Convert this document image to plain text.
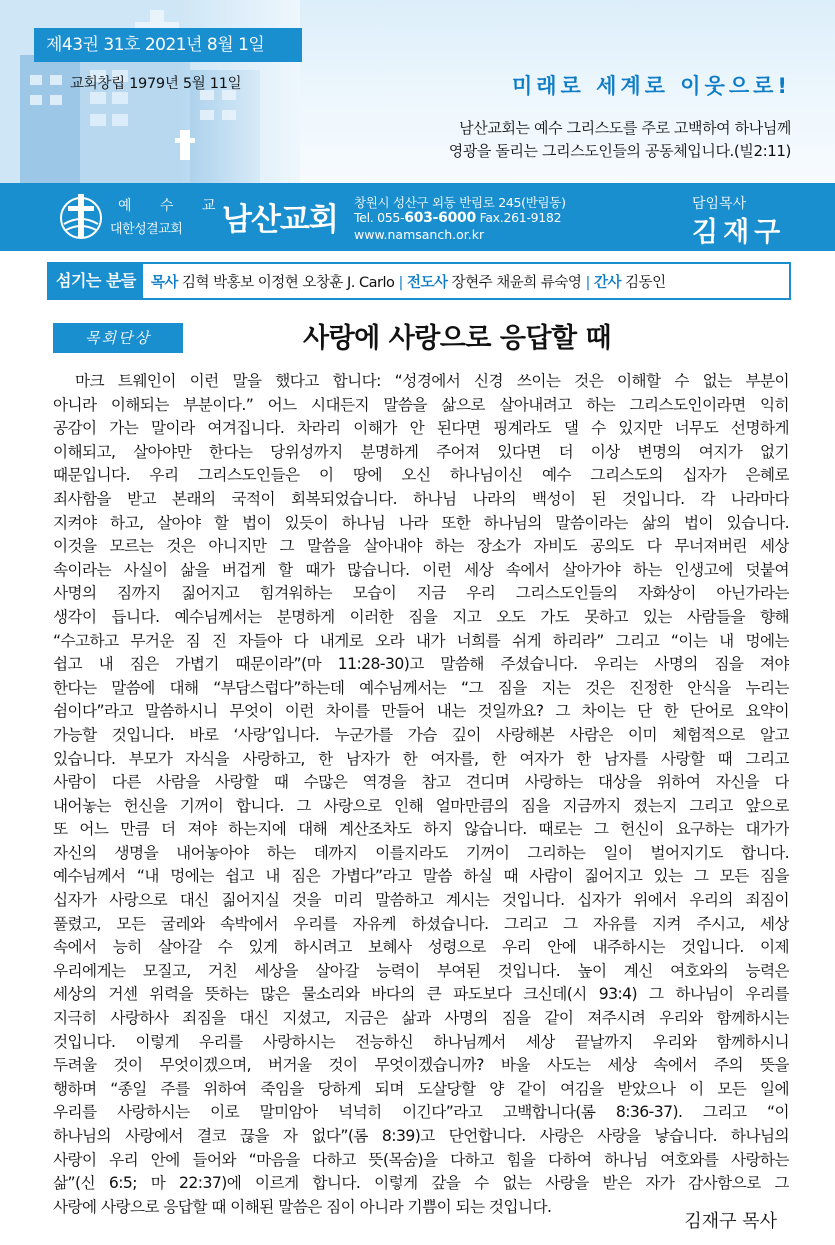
제43권 31호 2021년 8월 1일
교회창립 1979년 5월 11일	미래로 세계로 이웃으로!
남산교회는 예수 그리스도를 주로 고백하여 하나님께
영광을 돌리는 그리스도인들의 공동체입니다.(빌2:11)
예 수 교
대한성결교회 남산교회 창원시 성산구 외동 반림로 245(반림동)
Tel. 055-603-6000 Fax.261-9182
www.namsanch.or.kr
담임목사
김재구
섬기는 분들	목사 김혁 박홍보 이정현 오창훈 J. Carlo | 전도사 장현주 채윤희 류숙영 | 간사 김동인
목회단상	사랑에 사랑으로 응답할 때
마크 트웨인이 이런 말을 했다고 합니다: “성경에서 신경 쓰이는 것은 이해할 수 없는 부분이
아니라 이해되는 부분이다.” 어느 시대든지 말씀을 삶으로 살아내려고 하는 그리스도인이라면 익히
공감이 가는 말이라 여겨집니다. 차라리 이해가 안 된다면 핑계라도 댈 수 있지만 너무도 선명하게
이해되고, 살아야만 한다는 당위성까지 분명하게 주어져 있다면 더 이상 변명의 여지가 없기
때문입니다. 우리 그리스도인들은 이 땅에 오신 하나님이신 예수 그리스도의 십자가 은혜로
죄사함을 받고 본래의 국적이 회복되었습니다. 하나님 나라의 백성이 된 것입니다. 각 나라마다
지켜야 하고, 살아야 할 법이 있듯이 하나님 나라 또한 하나님의 말씀이라는 삶의 법이 있습니다.
이것을 모르는 것은 아니지만 그 말씀을 살아내야 하는 장소가 자비도 공의도 다 무너져버린 세상
속이라는 사실이 삶을 버겁게 할 때가 많습니다. 이런 세상 속에서 살아가야 하는 인생고에 덧붙여
사명의 짐까지 짊어지고 힘겨워하는 모습이 지금 우리 그리스도인들의 자화상이 아닌가라는
생각이 듭니다. 예수님께서는 분명하게 이러한 짐을 지고 오도 가도 못하고 있는 사람들을 향해
“수고하고 무거운 짐 진 자들아 다 내게로 오라 내가 너희를 쉬게 하리라” 그리고 “이는 내 멍에는
쉽고 내 짐은 가볍기 때문이라”(마 11:28-30)고 말씀해 주셨습니다. 우리는 사명의 짐을 져야
한다는 말씀에 대해 “부담스럽다”하는데 예수님께서는 “그 짐을 지는 것은 진정한 안식을 누리는
쉼이다”라고 말씀하시니 무엇이 이런 차이를 만들어 내는 것일까요? 그 차이는 단 한 단어로 요약이
가능할 것입니다. 바로 ‘사랑’입니다. 누군가를 가슴 깊이 사랑해본 사람은 이미 체험적으로 알고
있습니다. 부모가 자식을 사랑하고, 한 남자가 한 여자를, 한 여자가 한 남자를 사랑할 때 그리고
사람이 다른 사람을 사랑할 때 수많은 역경을 참고 견디며 사랑하는 대상을 위하여 자신을 다
내어놓는 헌신을 기꺼이 합니다. 그 사랑으로 인해 얼마만큼의 짐을 지금까지 졌는지 그리고 앞으로
또 어느 만큼 더 져야 하는지에 대해 계산조차도 하지 않습니다. 때로는 그 헌신이 요구하는 대가가
자신의 생명을 내어놓아야 하는 데까지 이를지라도 기꺼이 그리하는 일이 벌어지기도 합니다.
예수님께서 “내 멍에는 쉽고 내 짐은 가볍다”라고 말씀 하실 때 사람이 짊어지고 있는 그 모든 짐을
십자가 사랑으로 대신 짊어지실 것을 미리 말씀하고 계시는 것입니다. 십자가 위에서 우리의 죄짐이
풀렸고, 모든 굴레와 속박에서 우리를 자유케 하셨습니다. 그리고 그 자유를 지켜 주시고, 세상
속에서 능히 살아갈 수 있게 하시려고 보혜사 성령으로 우리 안에 내주하시는 것입니다. 이제
우리에게는 모질고, 거친 세상을 살아갈 능력이 부여된 것입니다. 높이 계신 여호와의 능력은
세상의 거센 위력을 뜻하는 많은 물소리와 바다의 큰 파도보다 크신데(시 93:4) 그 하나님이 우리를
지극히 사랑하사 죄짐을 대신 지셨고, 지금은 삶과 사명의 짐을 같이 져주시려 우리와 함께하시는
것입니다. 이렇게 우리를 사랑하시는 전능하신 하나님께서 세상 끝날까지 우리와 함께하시니
두려울 것이 무엇이겠으며, 버거울 것이 무엇이겠습니까? 바울 사도는 세상 속에서 주의 뜻을
행하며 “종일 주를 위하여 죽임을 당하게 되며 도살당할 양 같이 여김을 받았으나 이 모든 일에
우리를 사랑하시는 이로 말미암아 넉넉히 이긴다”라고 고백합니다(롬 8:36-37). 그리고 “이
하나님의 사랑에서 결코 끊을 자 없다”(롬 8:39)고 단언합니다. 사랑은 사랑을 낳습니다. 하나님의
사랑이 우리 안에 들어와 “마음을 다하고 뜻(목숨)을 다하고 힘을 다하여 하나님 여호와를 사랑하는
삶”(신 6:5; 마 22:37)에 이르게 합니다. 이렇게 갚을 수 없는 사랑을 받은 자가 감사함으로 그
사랑에 사랑으로 응답할 때 이해된 말씀은 짐이 아니라 기쁨이 되는 것입니다.
김재구 목사
